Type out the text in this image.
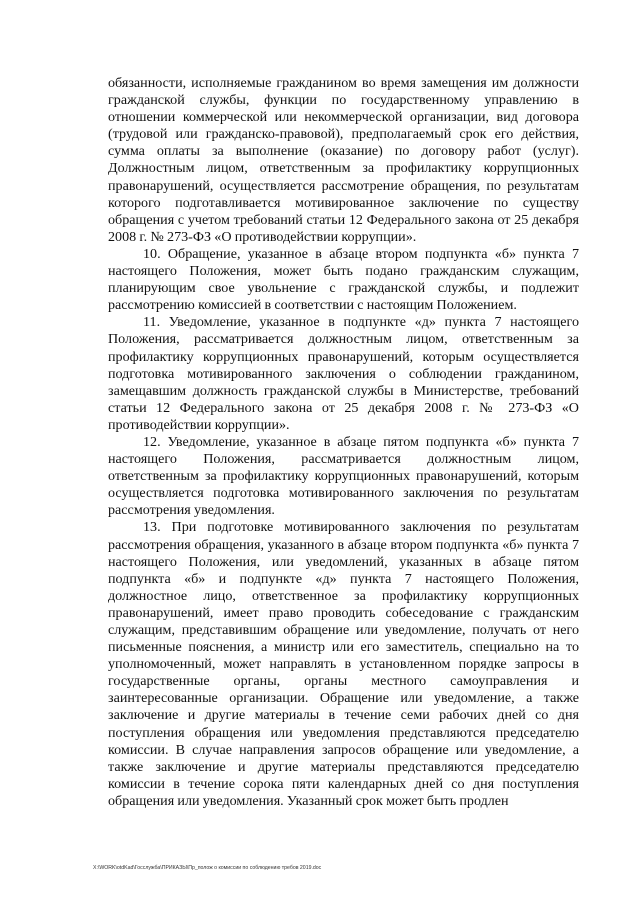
обязанности, исполняемые гражданином во время замещения им должности гражданской службы, функции по государственному управлению в отношении коммерческой или некоммерческой организации, вид договора (трудовой или гражданско-правовой), предполагаемый срок его действия, сумма оплаты за выполнение (оказание) по договору работ (услуг). Должностным лицом, ответственным за профилактику коррупционных правонарушений, осуществляется рассмотрение обращения, по результатам которого подготавливается мотивированное заключение по существу обращения с учетом требований статьи 12 Федерального закона от 25 декабря 2008 г. № 273-ФЗ «О противодействии коррупции».

10. Обращение, указанное в абзаце втором подпункта «б» пункта 7 настоящего Положения, может быть подано гражданским служащим, планирующим свое увольнение с гражданской службы, и подлежит рассмотрению комиссией в соответствии с настоящим Положением.

11. Уведомление, указанное в подпункте «д» пункта 7 настоящего Положения, рассматривается должностным лицом, ответственным за профилактику коррупционных правонарушений, которым осуществляется подготовка мотивированного заключения о соблюдении гражданином, замещавшим должность гражданской службы в Министерстве, требований статьи 12 Федерального закона от 25 декабря 2008 г. № 273-ФЗ «О противодействии коррупции».

12. Уведомление, указанное в абзаце пятом подпункта «б» пункта 7 настоящего Положения, рассматривается должностным лицом, ответственным за профилактику коррупционных правонарушений, которым осуществляется подготовка мотивированного заключения по результатам рассмотрения уведомления.

13. При подготовке мотивированного заключения по результатам рассмотрения обращения, указанного в абзаце втором подпункта «б» пункта 7 настоящего Положения, или уведомлений, указанных в абзаце пятом подпункта «б» и подпункте «д» пункта 7 настоящего Положения, должностное лицо, ответственное за профилактику коррупционных правонарушений, имеет право проводить собеседование с гражданским служащим, представившим обращение или уведомление, получать от него письменные пояснения, а министр или его заместитель, специально на то уполномоченный, может направлять в установленном порядке запросы в государственные органы, органы местного самоуправления и заинтересованные организации. Обращение или уведомление, а также заключение и другие материалы в течение семи рабочих дней со дня поступления обращения или уведомления представляются председателю комиссии. В случае направления запросов обращение или уведомление, а также заключение и другие материалы представляются председателю комиссии в течение сорока пяти календарных дней со дня поступления обращения или уведомления. Указанный срок может быть продлен

X:\WORK\otdKad\Госслужба\ПРИКАЗЫ\Пр_полож о комиссии по соблюдению требов 2019.doc
